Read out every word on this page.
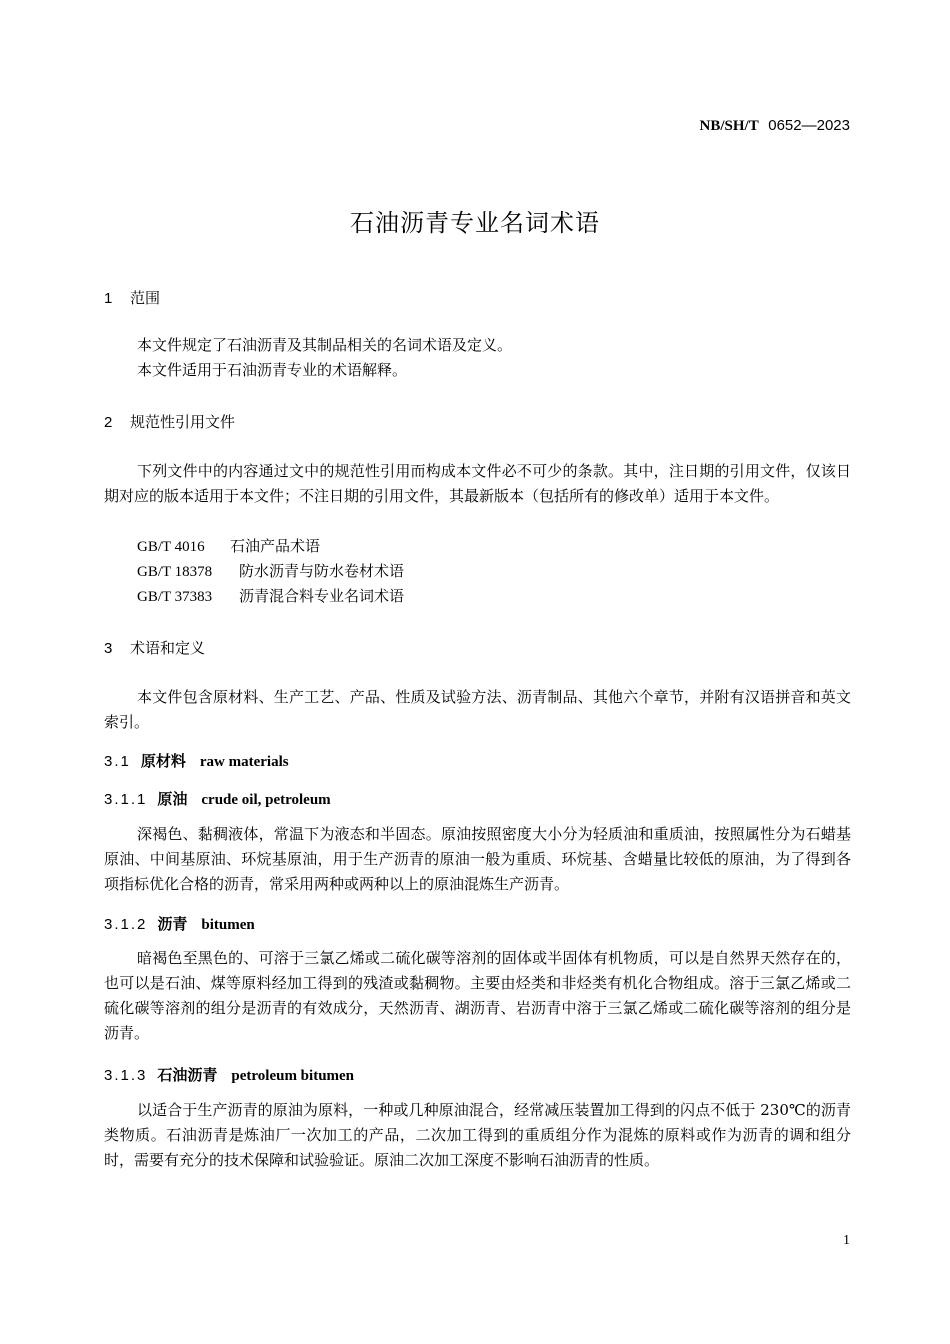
NB/SH/T 0652—2023
石油沥青专业名词术语
1 范围
本文件规定了石油沥青及其制品相关的名词术语及定义。
本文件适用于石油沥青专业的术语解释。
2 规范性引用文件
下列文件中的内容通过文中的规范性引用而构成本文件必不可少的条款。其中，注日期的引用文件，仅该日期对应的版本适用于本文件；不注日期的引用文件，其最新版本（包括所有的修改单）适用于本文件。
GB/T 4016 石油产品术语
GB/T 18378 防水沥青与防水卷材术语
GB/T 37383 沥青混合料专业名词术语
3 术语和定义
本文件包含原材料、生产工艺、产品、性质及试验方法、沥青制品、其他六个章节，并附有汉语拼音和英文索引。
3.1 原材料 raw materials
3.1.1 原油 crude oil, petroleum
深褐色、黏稠液体，常温下为液态和半固态。原油按照密度大小分为轻质油和重质油，按照属性分为石蜡基原油、中间基原油、环烷基原油，用于生产沥青的原油一般为重质、环烷基、含蜡量比较低的原油，为了得到各项指标优化合格的沥青，常采用两种或两种以上的原油混炼生产沥青。
3.1.2 沥青 bitumen
暗褐色至黑色的、可溶于三氯乙烯或二硫化碳等溶剂的固体或半固体有机物质，可以是自然界天然存在的，也可以是石油、煤等原料经加工得到的残渣或黏稠物。主要由烃类和非烃类有机化合物组成。溶于三氯乙烯或二硫化碳等溶剂的组分是沥青的有效成分，天然沥青、湖沥青、岩沥青中溶于三氯乙烯或二硫化碳等溶剂的组分是沥青。
3.1.3 石油沥青 petroleum bitumen
以适合于生产沥青的原油为原料，一种或几种原油混合，经常减压装置加工得到的闪点不低于 230℃的沥青类物质。石油沥青是炼油厂一次加工的产品，二次加工得到的重质组分作为混炼的原料或作为沥青的调和组分时，需要有充分的技术保障和试验验证。原油二次加工深度不影响石油沥青的性质。
1
